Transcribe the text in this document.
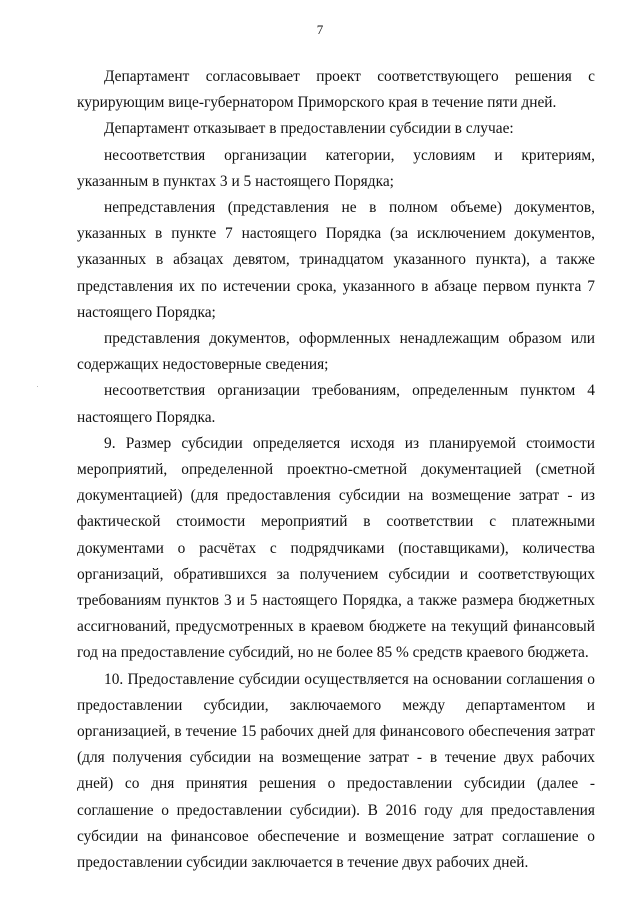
7

Департамент согласовывает проект соответствующего решения с курирующим вице-губернатором Приморского края в течение пяти дней.

Департамент отказывает в предоставлении субсидии в случае:

несоответствия организации категории, условиям и критериям, указанным в пунктах 3 и 5 настоящего Порядка;

непредставления (представления не в полном объеме) документов, указанных в пункте 7 настоящего Порядка (за исключением документов, указанных в абзацах девятом, тринадцатом указанного пункта), а также представления их по истечении срока, указанного в абзаце первом пункта 7 настоящего Порядка;

представления документов, оформленных ненадлежащим образом или содержащих недостоверные сведения;

несоответствия организации требованиям, определенным пунктом 4 настоящего Порядка.

9. Размер субсидии определяется исходя из планируемой стоимости мероприятий, определенной проектно-сметной документацией (сметной документацией) (для предоставления субсидии на возмещение затрат - из фактической стоимости мероприятий в соответствии с платежными документами о расчётах с подрядчиками (поставщиками), количества организаций, обратившихся за получением субсидии и соответствующих требованиям пунктов 3 и 5 настоящего Порядка, а также размера бюджетных ассигнований, предусмотренных в краевом бюджете на текущий финансовый год на предоставление субсидий, но не более 85 % средств краевого бюджета.

10. Предоставление субсидии осуществляется на основании соглашения о предоставлении субсидии, заключаемого между департаментом и организацией, в течение 15 рабочих дней для финансового обеспечения затрат (для получения субсидии на возмещение затрат - в течение двух рабочих дней) со дня принятия решения о предоставлении субсидии (далее - соглашение о предоставлении субсидии). В 2016 году для предоставления субсидии на финансовое обеспечение и возмещение затрат соглашение о предоставлении субсидии заключается в течение двух рабочих дней.
